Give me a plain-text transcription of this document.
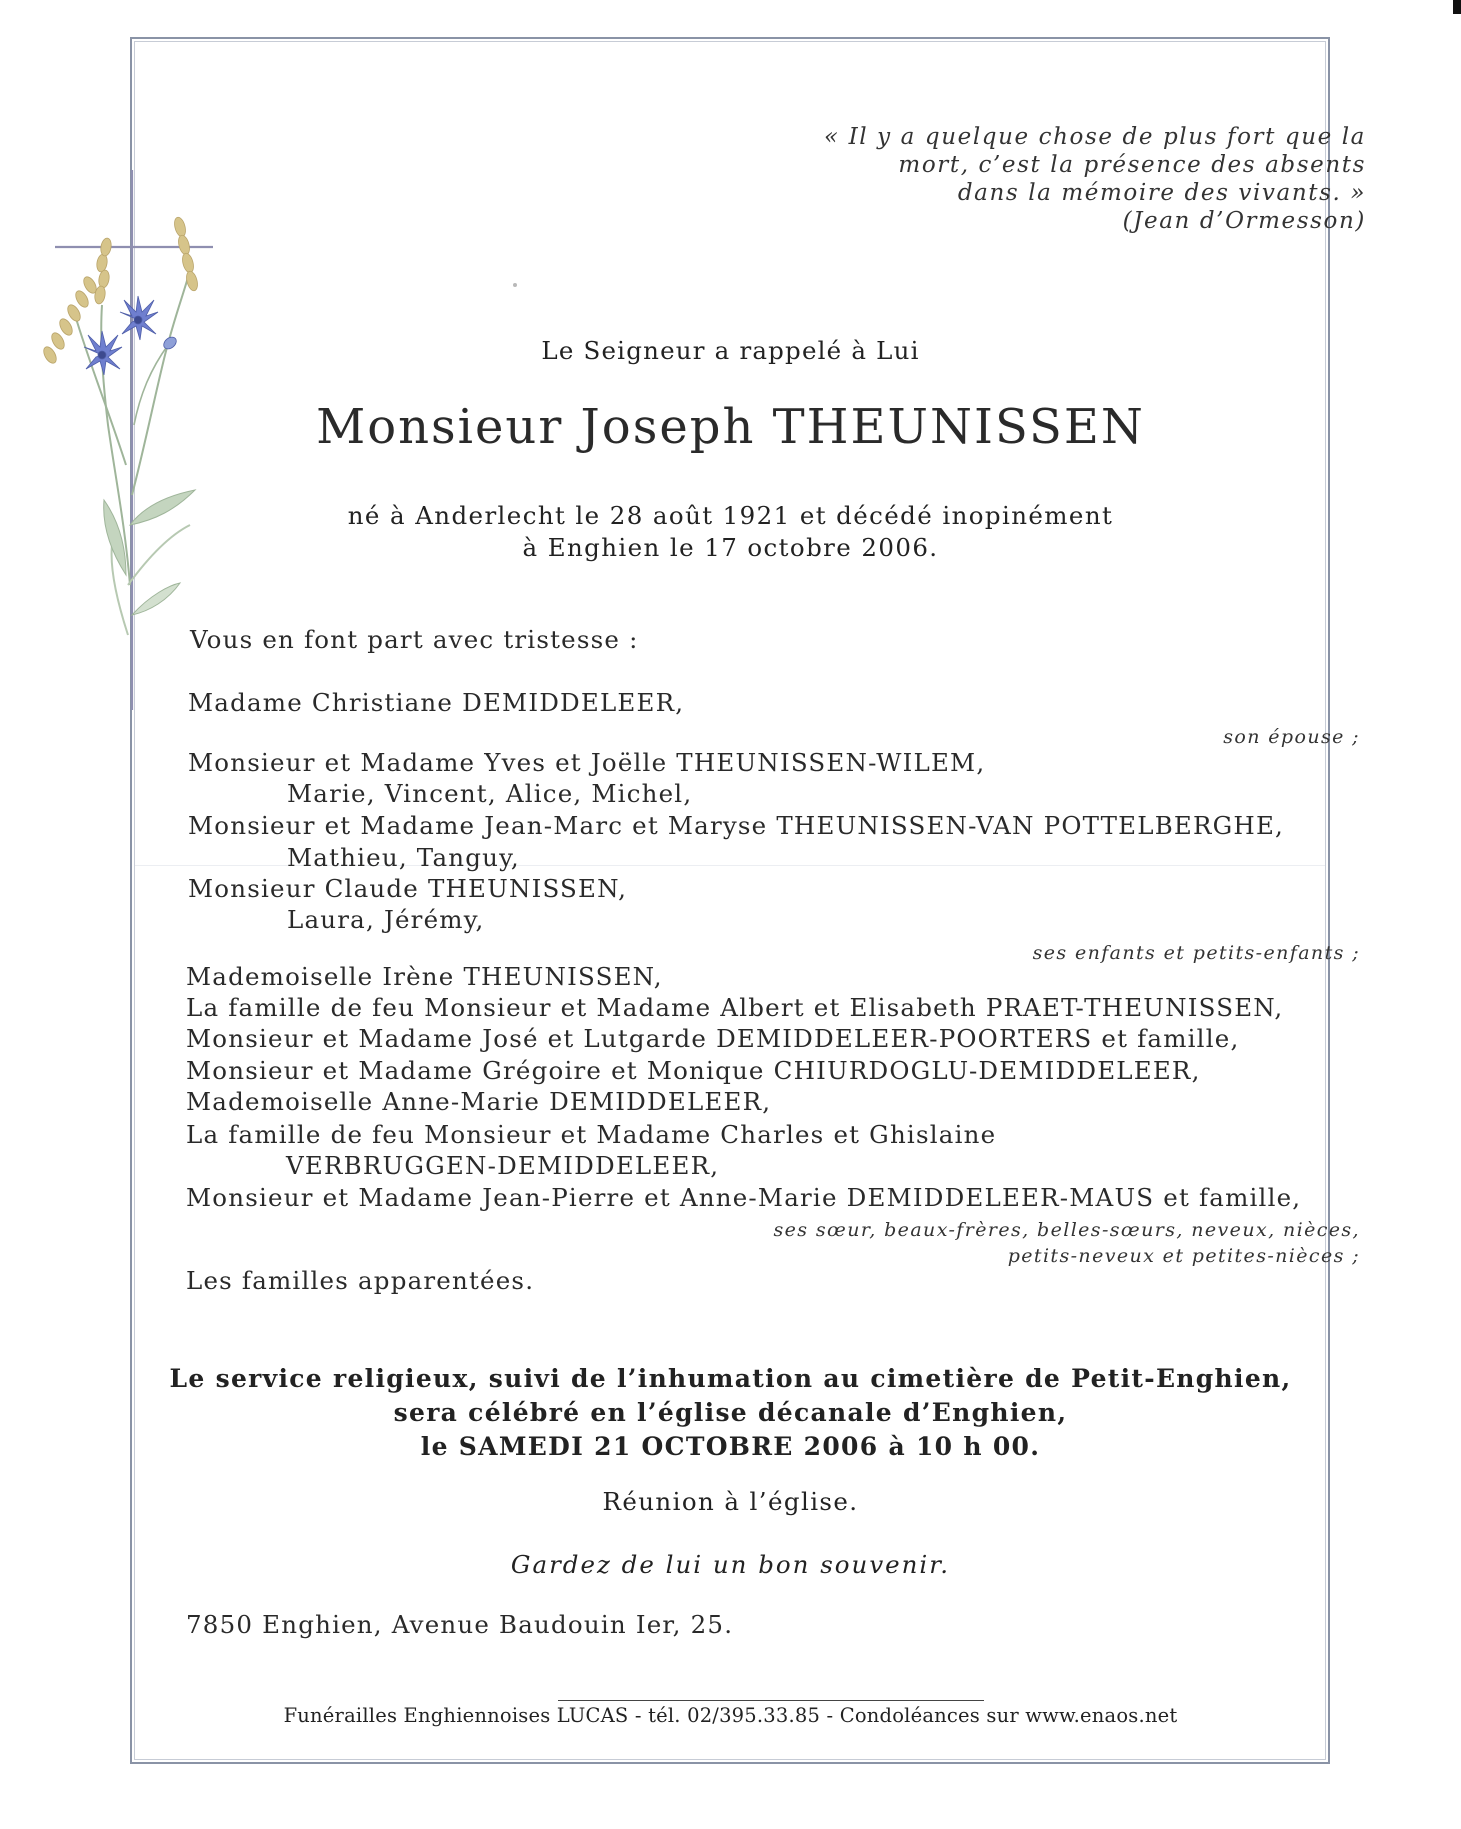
« Il y a quelque chose de plus fort que la
mort, c’est la présence des absents
dans la mémoire des vivants. »
(Jean d’Ormesson)
Le Seigneur a rappelé à Lui
Monsieur Joseph THEUNISSEN
né à Anderlecht le 28 août 1921 et décédé inopinément
à Enghien le 17 octobre 2006.
Vous en font part avec tristesse :
Madame Christiane DEMIDDELEER,
son épouse ;
Monsieur et Madame Yves et Joëlle THEUNISSEN-WILEM,
Marie, Vincent, Alice, Michel,
Monsieur et Madame Jean-Marc et Maryse THEUNISSEN-VAN POTTELBERGHE,
Mathieu, Tanguy,
Monsieur Claude THEUNISSEN,
Laura, Jérémy,
ses enfants et petits-enfants ;
Mademoiselle Irène THEUNISSEN,
La famille de feu Monsieur et Madame Albert et Elisabeth PRAET-THEUNISSEN,
Monsieur et Madame José et Lutgarde DEMIDDELEER-POORTERS et famille,
Monsieur et Madame Grégoire et Monique CHIURDOGLU-DEMIDDELEER,
Mademoiselle Anne-Marie DEMIDDELEER,
La famille de feu Monsieur et Madame Charles et Ghislaine
VERBRUGGEN-DEMIDDELEER,
Monsieur et Madame Jean-Pierre et Anne-Marie DEMIDDELEER-MAUS et famille,
ses sœur, beaux-frères, belles-sœurs, neveux, nièces,
petits-neveux et petites-nièces ;
Les familles apparentées.
Le service religieux, suivi de l’inhumation au cimetière de Petit-Enghien,
sera célébré en l’église décanale d’Enghien,
le SAMEDI 21 OCTOBRE 2006 à 10 h 00.
Réunion à l’église.
Gardez de lui un bon souvenir.
7850 Enghien, Avenue Baudouin Ier, 25.
Funérailles Enghiennoises LUCAS - tél. 02/395.33.85 - Condoléances sur www.enaos.net
